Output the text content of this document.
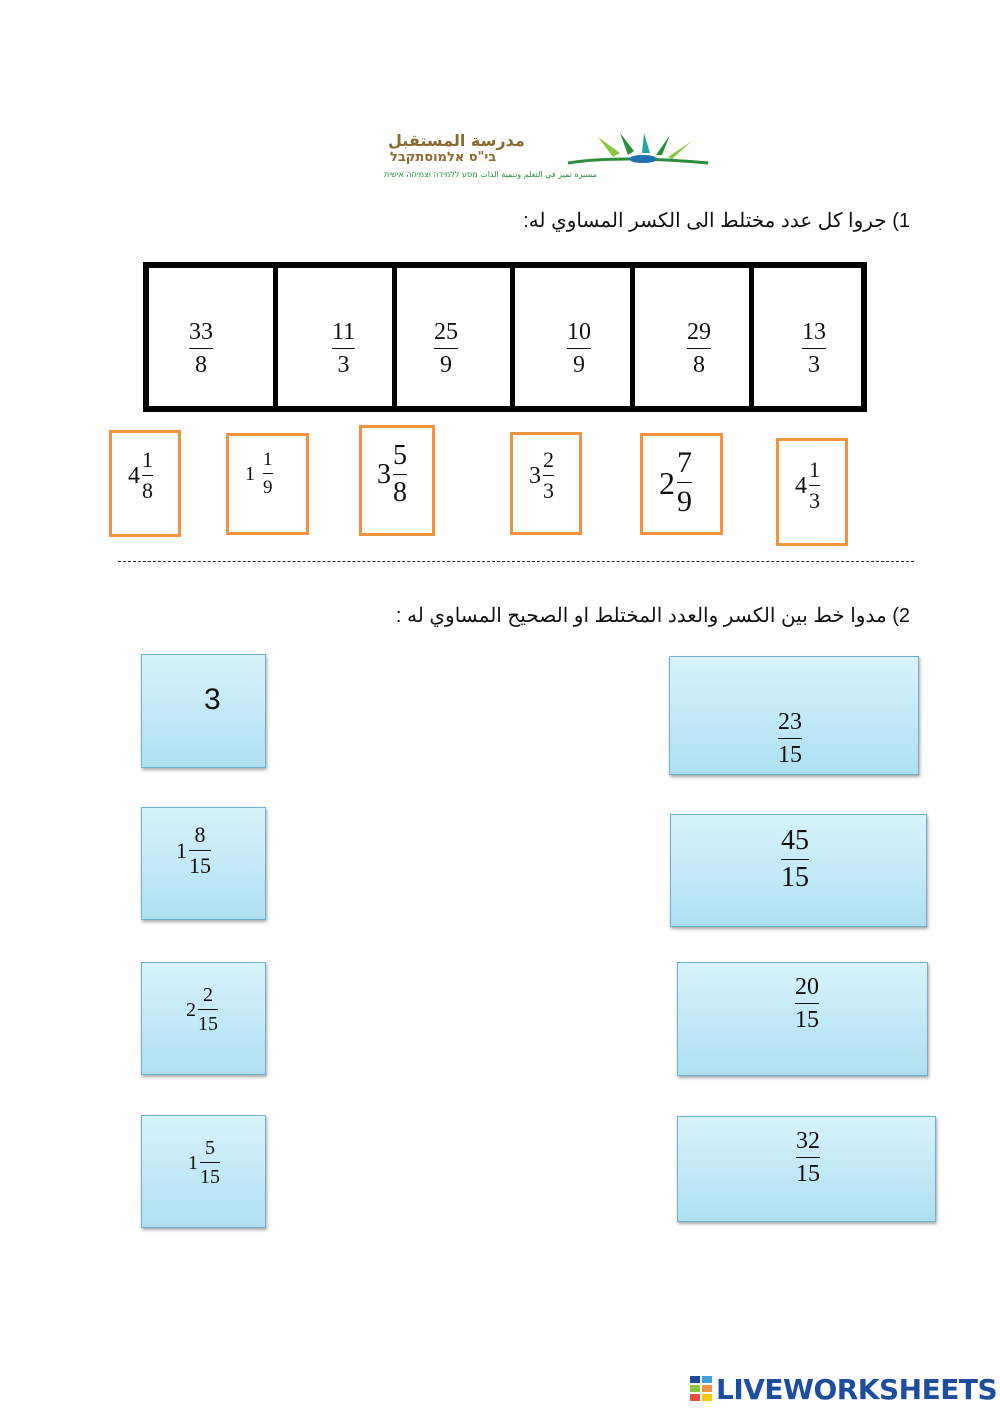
مدرسة المستقبل
בי"ס אלמוסתקבל
مسيرة تميز في التعلم وتنمية الذات מסע ללמידה וצמיחה אישית
1) جروا كل عدد مختلط الى الكسر المساوي له:
33
8
11
3
25
9
10
9
29
8
13
3
$4 \frac{1}{8}$	$1 \frac{1}{9}$	$3 \frac{5}{8}$	$3 \frac{2}{3}$	$2 \frac{7}{9}$	$4 \frac{1}{3}$
2) مدوا خط بين الكسر والعدد المختلط او الصحيح المساوي له :
3
$1 \frac{8}{15}$
$2 \frac{2}{15}$
$1 \frac{5}{15}$
23
15
45
15
20
15
32
15
LIVEWORKSHEETS
